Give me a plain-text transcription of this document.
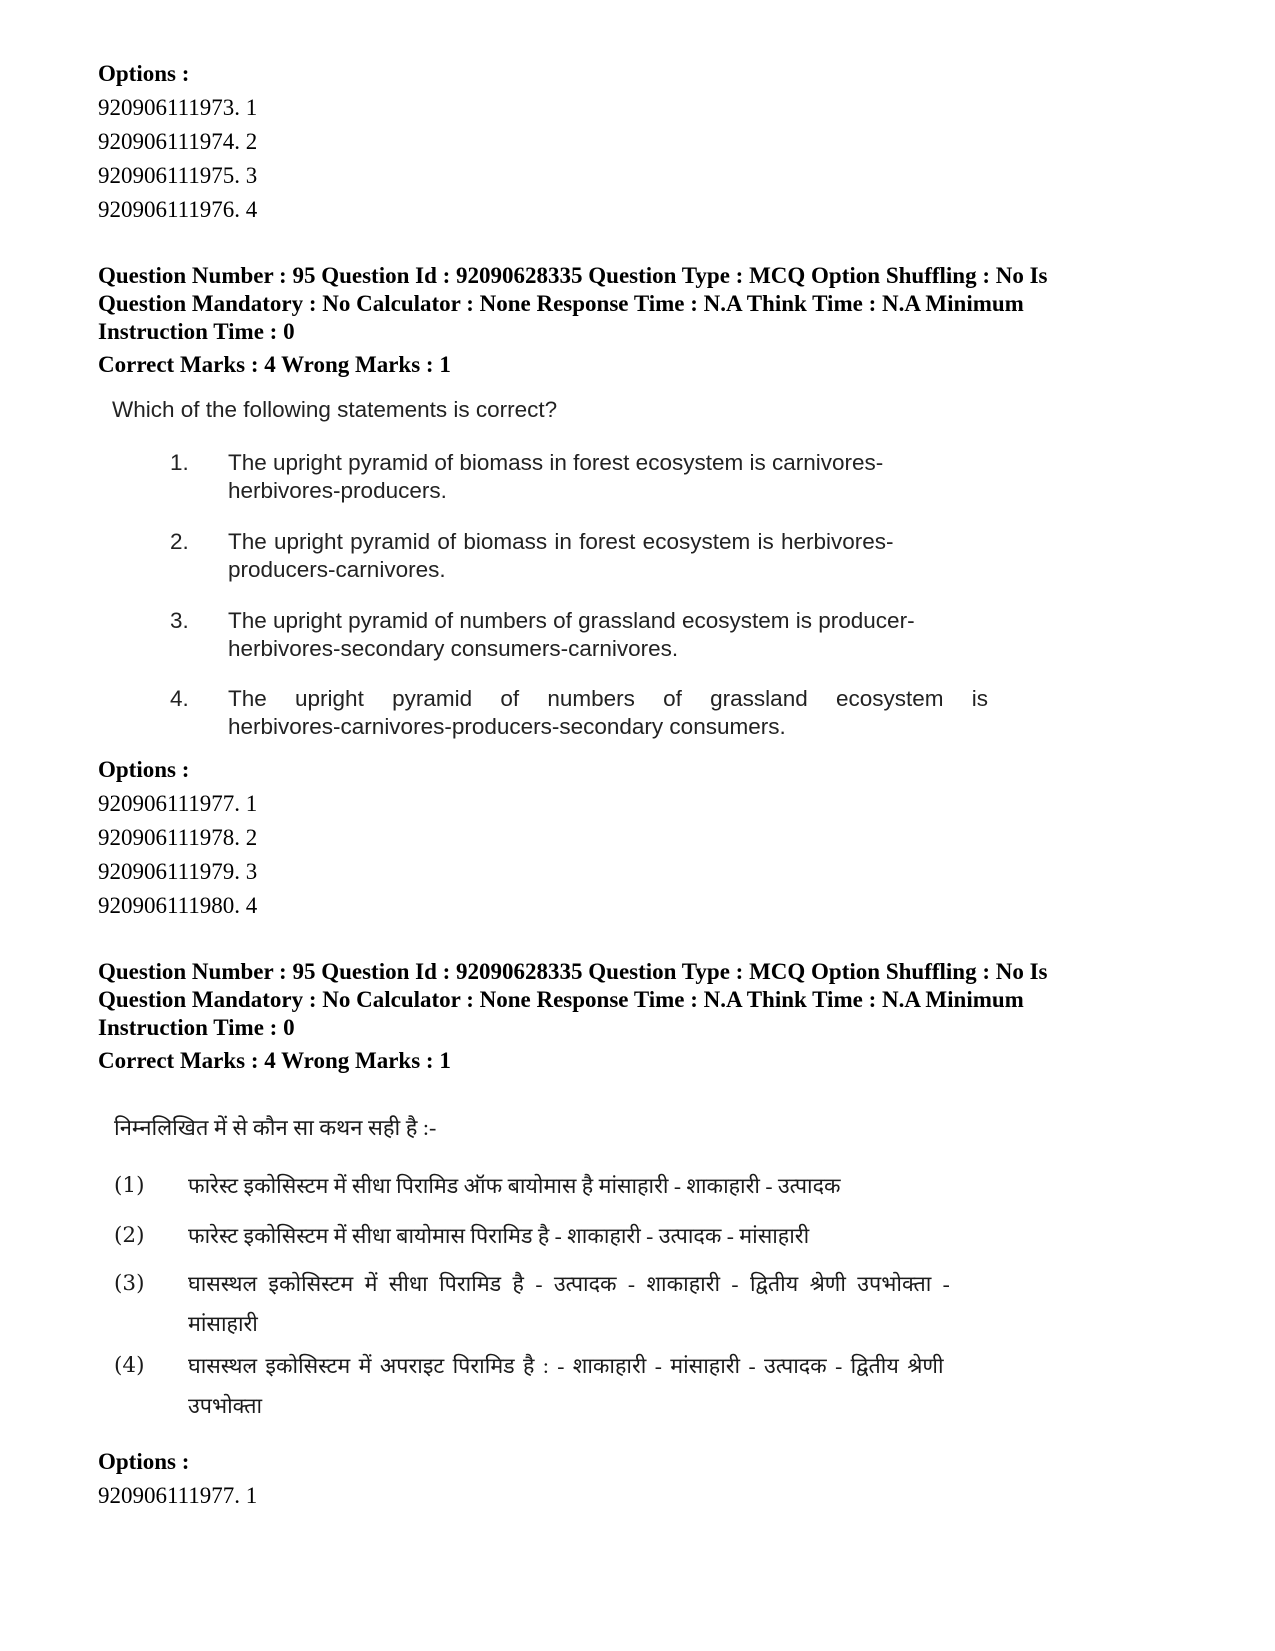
Options :
920906111973. 1
920906111974. 2
920906111975. 3
920906111976. 4
Question Number : 95 Question Id : 92090628335 Question Type : MCQ Option Shuffling : No Is
Question Mandatory : No Calculator : None Response Time : N.A Think Time : N.A Minimum
Instruction Time : 0
Correct Marks : 4 Wrong Marks : 1
Which of the following statements is correct?
1.	The upright pyramid of biomass in forest ecosystem is carnivores-
herbivores-producers.
2.	The upright pyramid of biomass in forest ecosystem is herbivores-
producers-carnivores.
3.	The upright pyramid of numbers of grassland ecosystem is producer-
herbivores-secondary consumers-carnivores.
4.	The upright pyramid of numbers of grassland ecosystem is
herbivores-carnivores-producers-secondary consumers.
Options :
920906111977. 1
920906111978. 2
920906111979. 3
920906111980. 4
Question Number : 95 Question Id : 92090628335 Question Type : MCQ Option Shuffling : No Is
Question Mandatory : No Calculator : None Response Time : N.A Think Time : N.A Minimum
Instruction Time : 0
Correct Marks : 4 Wrong Marks : 1
निम्नलिखित में से कौन सा कथन सही है :-
(1)	फारेस्ट इकोसिस्टम में सीधा पिरामिड ऑफ बायोमास है मांसाहारी - शाकाहारी - उत्पादक
(2)	फारेस्ट इकोसिस्टम में सीधा बायोमास पिरामिड है - शाकाहारी - उत्पादक - मांसाहारी
(3)	घासस्थल इकोसिस्टम में सीधा पिरामिड है - उत्पादक - शाकाहारी - द्वितीय श्रेणी उपभोक्ता -
मांसाहारी
(4)	घासस्थल इकोसिस्टम में अपराइट पिरामिड है : - शाकाहारी - मांसाहारी - उत्पादक - द्वितीय श्रेणी
उपभोक्ता
Options :
920906111977. 1
